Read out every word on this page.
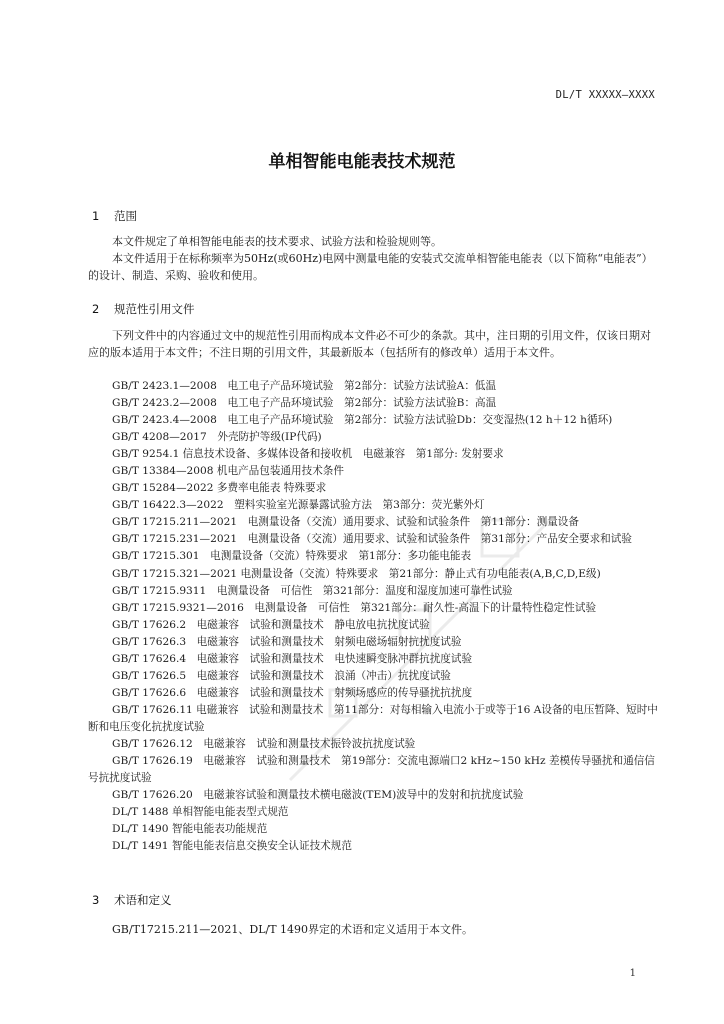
DL/T XXXXX—XXXX
单相智能电能表技术规范
1 范围

本文件规定了单相智能电能表的技术要求、试验方法和检验规则等。

本文件适用于在标称频率为50Hz(或60Hz)电网中测量电能的安装式交流单相智能电能表（以下简称“电能表”）的设计、制造、采购、验收和使用。

2 规范性引用文件

下列文件中的内容通过文中的规范性引用而构成本文件必不可少的条款。其中，注日期的引用文件，仅该日期对应的版本适用于本文件；不注日期的引用文件，其最新版本（包括所有的修改单）适用于本文件。

GB/T 2423.1—2008　电工电子产品环境试验　第2部分：试验方法试验A：低温

GB/T 2423.2—2008　电工电子产品环境试验　第2部分：试验方法试验B：高温

GB/T 2423.4—2008　电工电子产品环境试验　第2部分：试验方法试验Db：交变湿热(12 h＋12 h循环)

GB/T 4208—2017　外壳防护等级(IP代码)

GB/T 9254.1 信息技术设备、多媒体设备和接收机　电磁兼容　第1部分: 发射要求

GB/T 13384—2008 机电产品包装通用技术条件

GB/T 15284—2022 多费率电能表 特殊要求

GB/T 16422.3—2022　塑料实验室光源暴露试验方法　第3部分：荧光紫外灯

GB/T 17215.211—2021　电测量设备（交流）通用要求、试验和试验条件　第11部分：测量设备

GB/T 17215.231—2021　电测量设备（交流）通用要求、试验和试验条件　第31部分：产品安全要求和试验

GB/T 17215.301　电测量设备（交流）特殊要求　第1部分：多功能电能表

GB/T 17215.321—2021 电测量设备（交流）特殊要求　第21部分：静止式有功电能表(A,B,C,D,E级)

GB/T 17215.9311　电测量设备　可信性　第321部分：温度和湿度加速可靠性试验

GB/T 17215.9321—2016　电测量设备　可信性　第321部分：耐久性-高温下的计量特性稳定性试验

GB/T 17626.2　电磁兼容　试验和测量技术　静电放电抗扰度试验

GB/T 17626.3　电磁兼容　试验和测量技术　射频电磁场辐射抗扰度试验

GB/T 17626.4　电磁兼容　试验和测量技术　电快速瞬变脉冲群抗扰度试验

GB/T 17626.5　电磁兼容　试验和测量技术　浪涌（冲击）抗扰度试验

GB/T 17626.6　电磁兼容　试验和测量技术　射频场感应的传导骚扰抗扰度

GB/T 17626.11 电磁兼容　试验和测量技术　第11部分：对每相输入电流小于或等于16 A设备的电压暂降、短时中断和电压变化抗扰度试验

GB/T 17626.12　电磁兼容　试验和测量技术振铃波抗扰度试验

GB/T 17626.19　电磁兼容　试验和测量技术　第19部分：交流电源端口2 kHz~150 kHz 差模传导骚扰和通信信号抗扰度试验

GB/T 17626.20　电磁兼容试验和测量技术横电磁波(TEM)波导中的发射和抗扰度试验

DL/T 1488 单相智能电能表型式规范

DL/T 1490 智能电能表功能规范

DL/T 1491 智能电能表信息交换安全认证技术规范

3 术语和定义

GB/T17215.211—2021、DL/T 1490界定的术语和定义适用于本文件。

1
